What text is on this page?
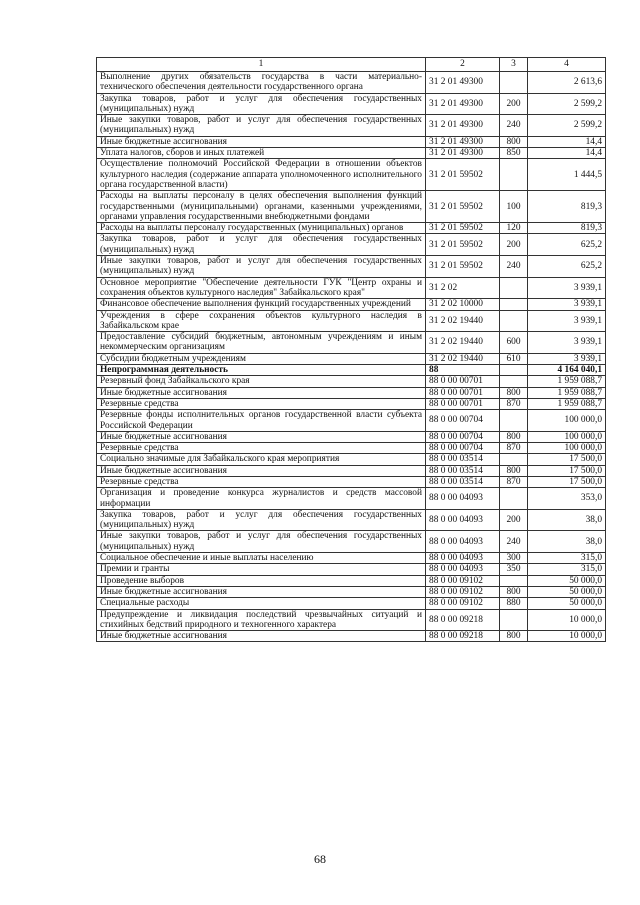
1	2	3	4
Выполнение других обязательств государства в части материально-технического обеспечения деятельности государственного органа	31 2 01 49300		2 613,6
Закупка товаров, работ и услуг для обеспечения государственных (муниципальных) нужд	31 2 01 49300	200	2 599,2
Иные закупки товаров, работ и услуг для обеспечения государственных (муниципальных) нужд	31 2 01 49300	240	2 599,2
Иные бюджетные ассигнования	31 2 01 49300	800	14,4
Уплата налогов, сборов и иных платежей	31 2 01 49300	850	14,4
Осуществление полномочий Российской Федерации в отношении объектов культурного наследия (содержание аппарата уполномоченного исполнительного органа государственной власти)	31 2 01 59502		1 444,5
Расходы на выплаты персоналу в целях обеспечения выполнения функций государственными (муниципальными) органами, казенными учреждениями, органами управления государственными внебюджетными фондами	31 2 01 59502	100	819,3
Расходы на выплаты персоналу государственных (муниципальных) органов	31 2 01 59502	120	819,3
Закупка товаров, работ и услуг для обеспечения государственных (муниципальных) нужд	31 2 01 59502	200	625,2
Иные закупки товаров, работ и услуг для обеспечения государственных (муниципальных) нужд	31 2 01 59502	240	625,2
Основное мероприятие "Обеспечение деятельности ГУК "Центр охраны и сохранения объектов культурного наследия" Забайкальского края"	31 2 02		3 939,1
Финансовое обеспечение выполнения функций государственных учреждений	31 2 02 10000		3 939,1
Учреждения в сфере сохранения объектов культурного наследия в Забайкальском крае	31 2 02 19440		3 939,1
Предоставление субсидий бюджетным, автономным учреждениям и иным некоммерческим организациям	31 2 02 19440	600	3 939,1
Субсидии бюджетным учреждениям	31 2 02 19440	610	3 939,1
Непрограммная деятельность	88		4 164 040,1
Резервный фонд Забайкальского края	88 0 00 00701		1 959 088,7
Иные бюджетные ассигнования	88 0 00 00701	800	1 959 088,7
Резервные средства	88 0 00 00701	870	1 959 088,7
Резервные фонды исполнительных органов государственной власти субъекта Российской Федерации	88 0 00 00704		100 000,0
Иные бюджетные ассигнования	88 0 00 00704	800	100 000,0
Резервные средства	88 0 00 00704	870	100 000,0
Социально значимые для Забайкальского края мероприятия	88 0 00 03514		17 500,0
Иные бюджетные ассигнования	88 0 00 03514	800	17 500,0
Резервные средства	88 0 00 03514	870	17 500,0
Организация и проведение конкурса журналистов и средств массовой информации	88 0 00 04093		353,0
Закупка товаров, работ и услуг для обеспечения государственных (муниципальных) нужд	88 0 00 04093	200	38,0
Иные закупки товаров, работ и услуг для обеспечения государственных (муниципальных) нужд	88 0 00 04093	240	38,0
Социальное обеспечение и иные выплаты населению	88 0 00 04093	300	315,0
Премии и гранты	88 0 00 04093	350	315,0
Проведение выборов	88 0 00 09102		50 000,0
Иные бюджетные ассигнования	88 0 00 09102	800	50 000,0
Специальные расходы	88 0 00 09102	880	50 000,0
Предупреждение и ликвидация последствий чрезвычайных ситуаций и стихийных бедствий природного и техногенного характера	88 0 00 09218		10 000,0
Иные бюджетные ассигнования	88 0 00 09218	800	10 000,0
68
